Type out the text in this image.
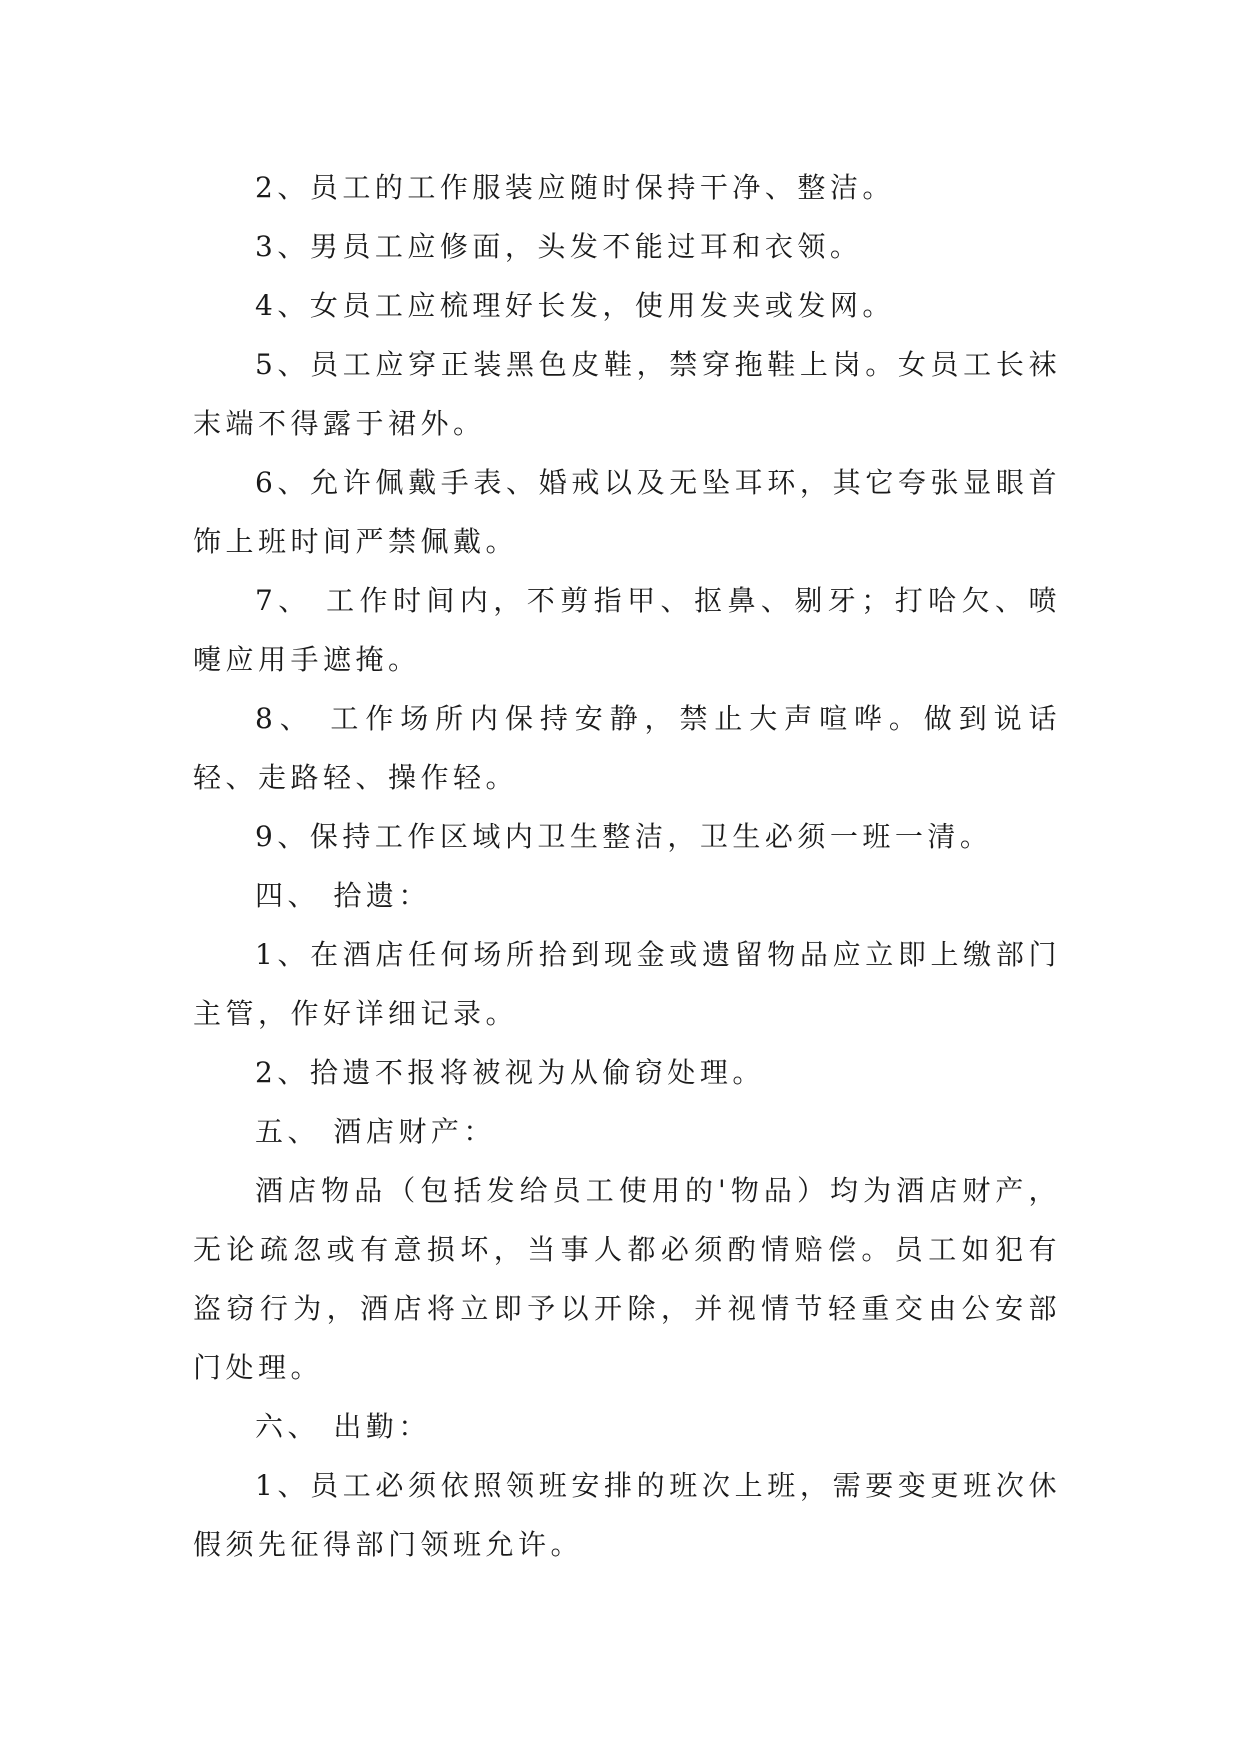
2、员工的工作服装应随时保持干净、整洁。

3、男员工应修面，头发不能过耳和衣领。

4、女员工应梳理好长发，使用发夹或发网。

5、员工应穿正装黑色皮鞋，禁穿拖鞋上岗。女员工长袜末端不得露于裙外。

6、允许佩戴手表、婚戒以及无坠耳环，其它夸张显眼首饰上班时间严禁佩戴。

7、 工作时间内，不剪指甲、抠鼻、剔牙；打哈欠、喷嚏应用手遮掩。

8、 工作场所内保持安静，禁止大声喧哗。做到说话轻、走路轻、操作轻。

9、保持工作区域内卫生整洁，卫生必须一班一清。

四、 拾遗：

1、在酒店任何场所拾到现金或遗留物品应立即上缴部门主管，作好详细记录。

2、拾遗不报将被视为从偷窃处理。

五、 酒店财产：

酒店物品（包括发给员工使用的'物品）均为酒店财产，无论疏忽或有意损坏，当事人都必须酌情赔偿。员工如犯有盗窃行为，酒店将立即予以开除，并视情节轻重交由公安部门处理。

六、 出勤：

1、员工必须依照领班安排的班次上班，需要变更班次休假须先征得部门领班允许。
